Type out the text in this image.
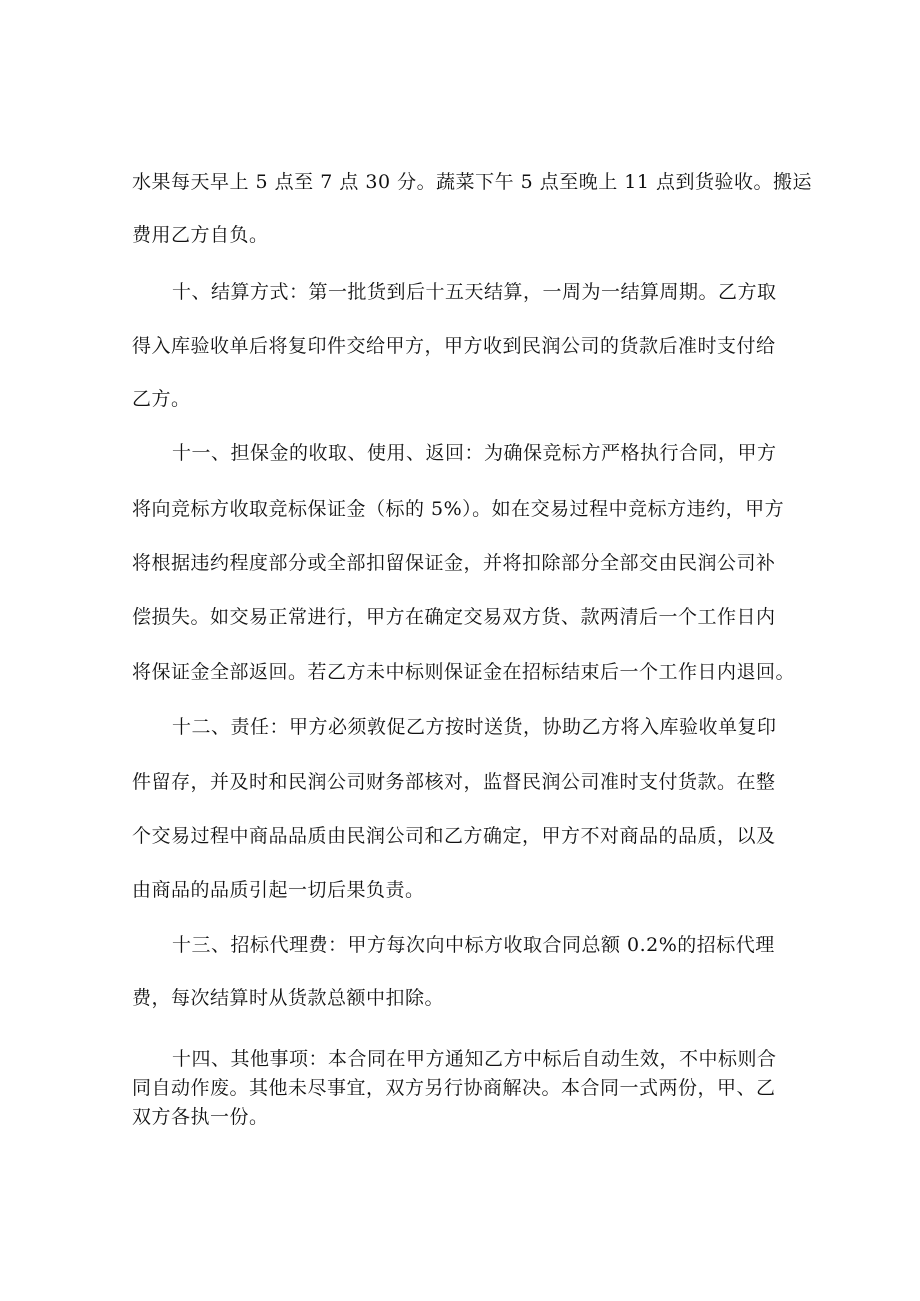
水果每天早上 5 点至 7 点 30 分。蔬菜下午 5 点至晚上 11 点到货验收。搬运
费用乙方自负。
十、结算方式：第一批货到后十五天结算，一周为一结算周期。乙方取
得入库验收单后将复印件交给甲方，甲方收到民润公司的货款后准时支付给
乙方。
十一、担保金的收取、使用、返回：为确保竞标方严格执行合同，甲方
将向竞标方收取竞标保证金（标的 5%）。如在交易过程中竞标方违约，甲方
将根据违约程度部分或全部扣留保证金，并将扣除部分全部交由民润公司补
偿损失。如交易正常进行，甲方在确定交易双方货、款两清后一个工作日内
将保证金全部返回。若乙方未中标则保证金在招标结束后一个工作日内退回。
十二、责任：甲方必须敦促乙方按时送货，协助乙方将入库验收单复印
件留存，并及时和民润公司财务部核对，监督民润公司准时支付货款。在整
个交易过程中商品品质由民润公司和乙方确定，甲方不对商品的品质，以及
由商品的品质引起一切后果负责。
十三、招标代理费：甲方每次向中标方收取合同总额 0.2%的招标代理
费，每次结算时从货款总额中扣除。
十四、其他事项：本合同在甲方通知乙方中标后自动生效，不中标则合
同自动作废。其他未尽事宜，双方另行协商解决。本合同一式两份，甲、乙
双方各执一份。
